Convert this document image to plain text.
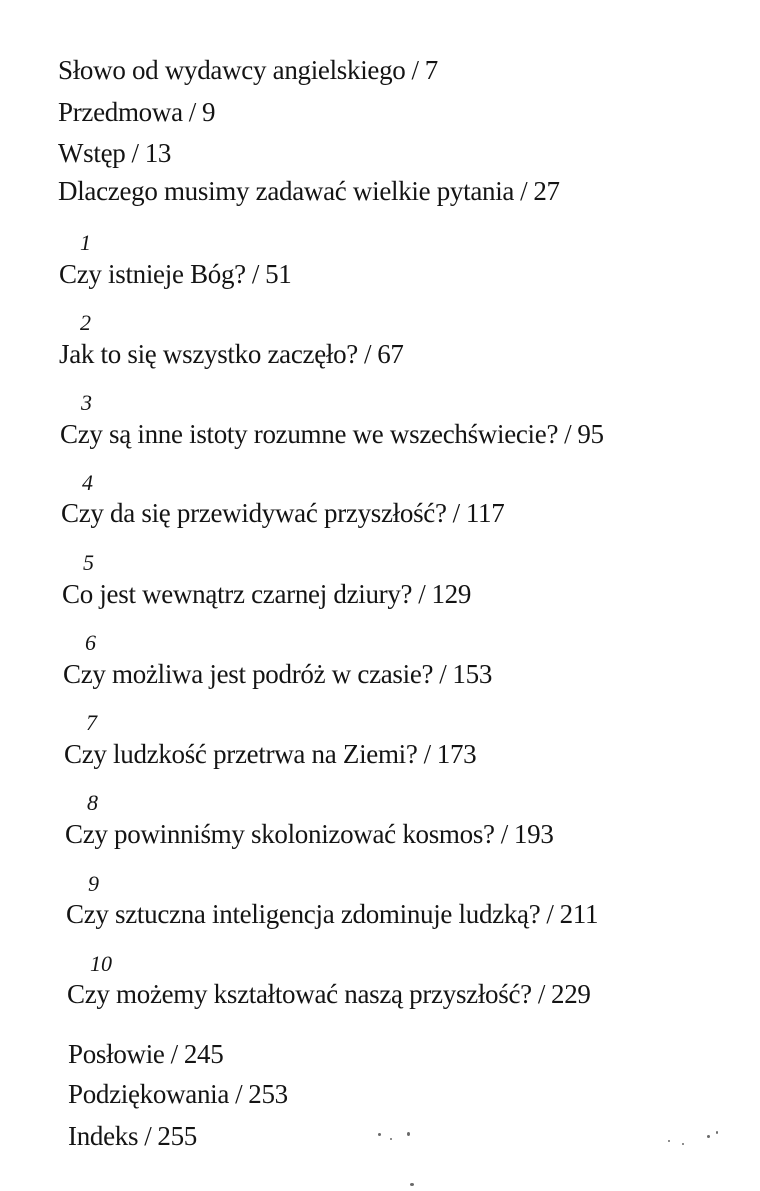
Słowo od wydawcy angielskiego / 7
Przedmowa / 9
Wstęp / 13
Dlaczego musimy zadawać wielkie pytania / 27
1
Czy istnieje Bóg? / 51
2
Jak to się wszystko zaczęło? / 67
3
Czy są inne istoty rozumne we wszechświecie? / 95
4
Czy da się przewidywać przyszłość? / 117
5
Co jest wewnątrz czarnej dziury? / 129
6
Czy możliwa jest podróż w czasie? / 153
7
Czy ludzkość przetrwa na Ziemi? / 173
8
Czy powinniśmy skolonizować kosmos? / 193
9
Czy sztuczna inteligencja zdominuje ludzką? / 211
10
Czy możemy kształtować naszą przyszłość? / 229
Posłowie / 245
Podziękowania / 253
Indeks / 255
